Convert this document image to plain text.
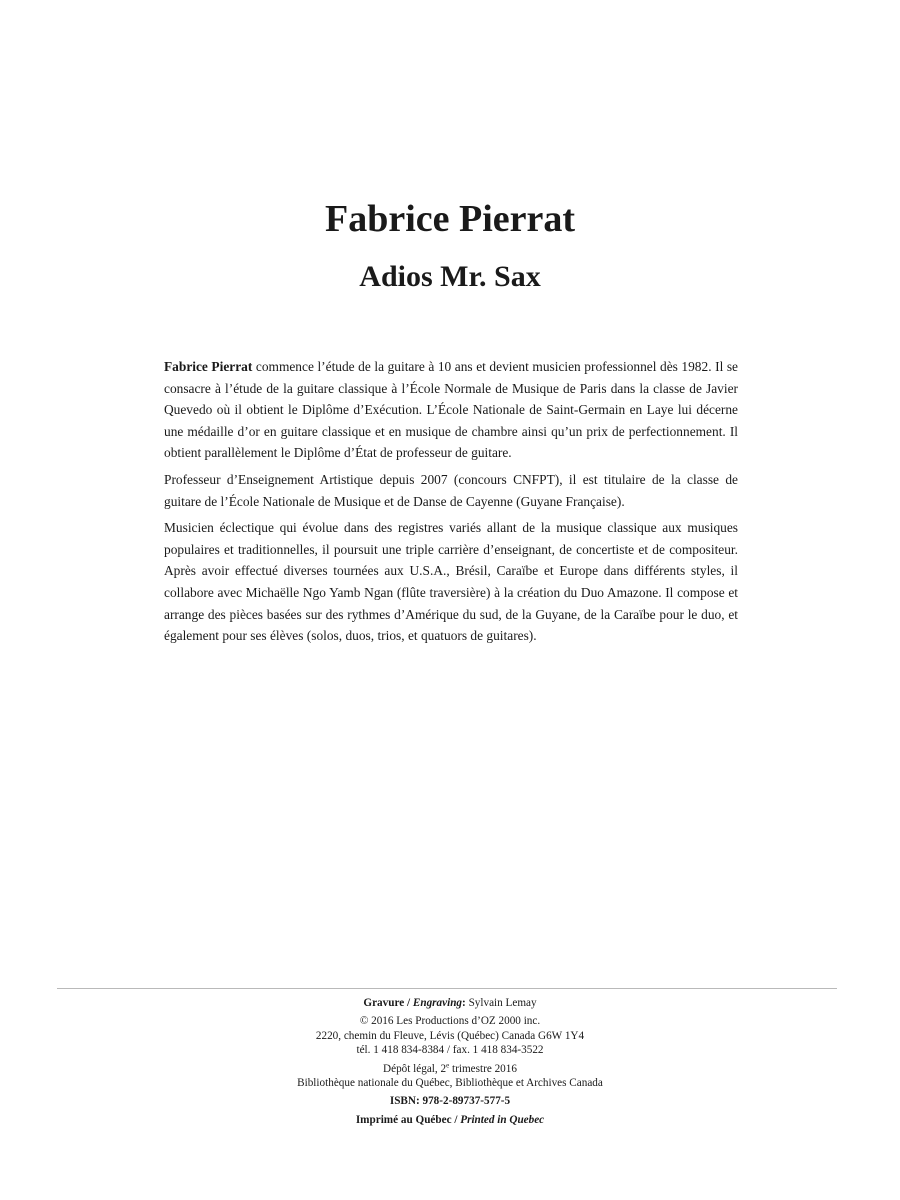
Fabrice Pierrat
Adios Mr. Sax

Fabrice Pierrat commence l’étude de la guitare à 10 ans et devient musicien professionnel dès 1982. Il se consacre à l’étude de la guitare classique à l’École Normale de Musique de Paris dans la classe de Javier Quevedo où il obtient le Diplôme d’Exécution. L’École Nationale de Saint-Germain en Laye lui décerne une médaille d’or en guitare classique et en musique de chambre ainsi qu’un prix de perfectionnement. Il obtient parallèlement le Diplôme d’État de professeur de guitare.

Professeur d’Enseignement Artistique depuis 2007 (concours CNFPT), il est titulaire de la classe de guitare de l’École Nationale de Musique et de Danse de Cayenne (Guyane Française).

Musicien éclectique qui évolue dans des registres variés allant de la musique classique aux musiques populaires et traditionnelles, il poursuit une triple carrière d’enseignant, de concertiste et de compositeur. Après avoir effectué diverses tournées aux U.S.A., Brésil, Caraïbe et Europe dans différents styles, il collabore avec Michaëlle Ngo Yamb Ngan (flûte traversière) à la création du Duo Amazone. Il compose et arrange des pièces basées sur des rythmes d’Amérique du sud, de la Guyane, de la Caraïbe pour le duo, et également pour ses élèves (solos, duos, trios, et quatuors de guitares).

Gravure / Engraving: Sylvain Lemay
© 2016 Les Productions d’OZ 2000 inc.
2220, chemin du Fleuve, Lévis (Québec) Canada G6W 1Y4
tél. 1 418 834-8384 / fax. 1 418 834-3522
Dépôt légal, 2e trimestre 2016
Bibliothèque nationale du Québec, Bibliothèque et Archives Canada
ISBN: 978-2-89737-577-5
Imprimé au Québec / Printed in Quebec
